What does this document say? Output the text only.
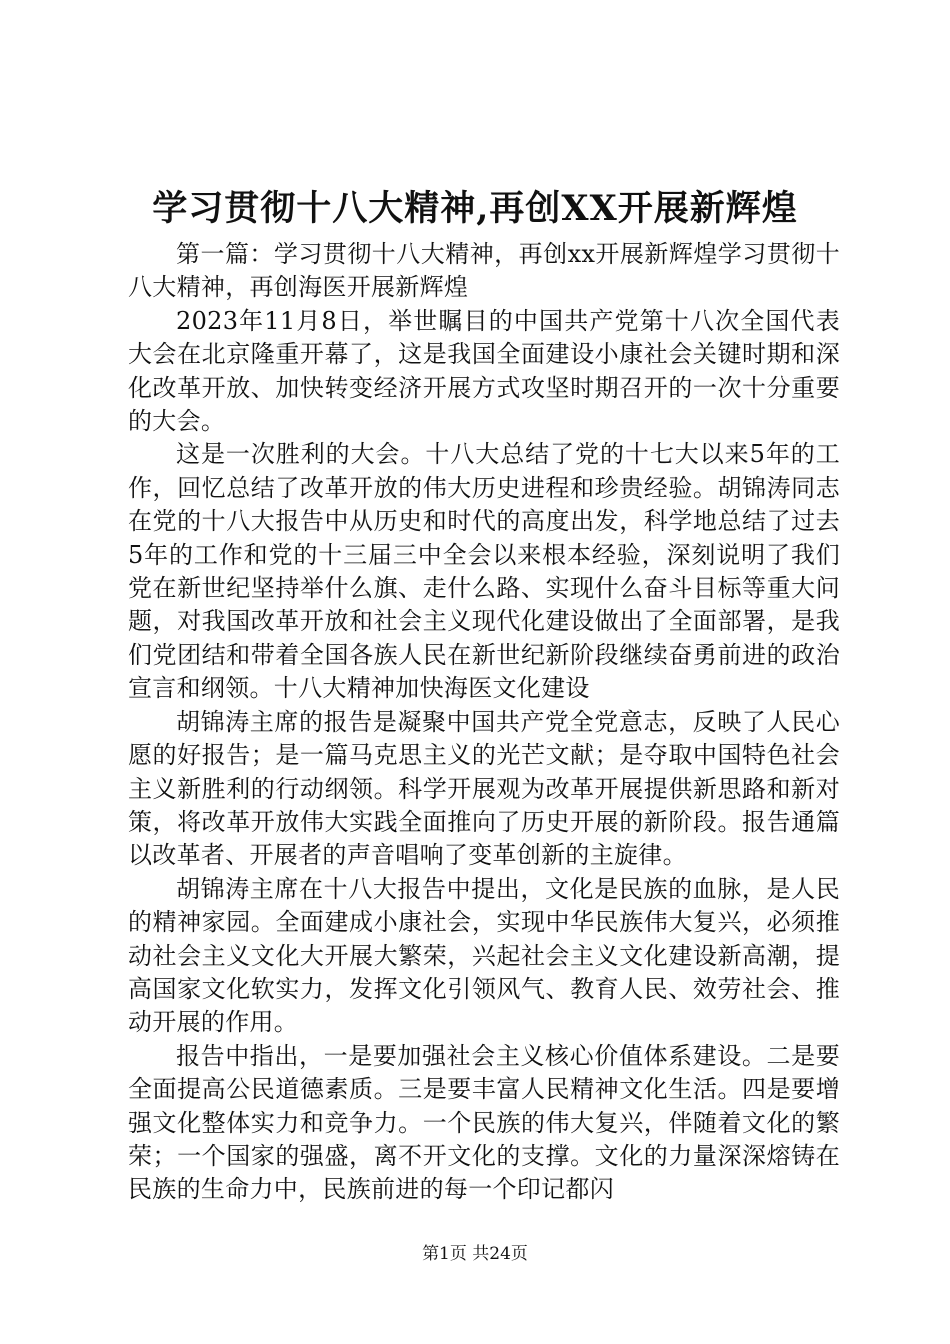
学习贯彻十八大精神,再创XX开展新辉煌

第一篇：学习贯彻十八大精神，再创xx开展新辉煌学习贯彻十八大精神，再创海医开展新辉煌

2023年11月8日，举世瞩目的中国共产党第十八次全国代表大会在北京隆重开幕了，这是我国全面建设小康社会关键时期和深化改革开放、加快转变经济开展方式攻坚时期召开的一次十分重要的大会。

这是一次胜利的大会。十八大总结了党的十七大以来5年的工作，回忆总结了改革开放的伟大历史进程和珍贵经验。胡锦涛同志在党的十八大报告中从历史和时代的高度出发，科学地总结了过去5年的工作和党的十三届三中全会以来根本经验，深刻说明了我们党在新世纪坚持举什么旗、走什么路、实现什么奋斗目标等重大问题，对我国改革开放和社会主义现代化建设做出了全面部署，是我们党团结和带着全国各族人民在新世纪新阶段继续奋勇前进的政治宣言和纲领。十八大精神加快海医文化建设

胡锦涛主席的报告是凝聚中国共产党全党意志，反映了人民心愿的好报告；是一篇马克思主义的光芒文献；是夺取中国特色社会主义新胜利的行动纲领。科学开展观为改革开展提供新思路和新对策，将改革开放伟大实践全面推向了历史开展的新阶段。报告通篇以改革者、开展者的声音唱响了变革创新的主旋律。

胡锦涛主席在十八大报告中提出，文化是民族的血脉，是人民的精神家园。全面建成小康社会，实现中华民族伟大复兴，必须推动社会主义文化大开展大繁荣，兴起社会主义文化建设新高潮，提高国家文化软实力，发挥文化引领风气、教育人民、效劳社会、推动开展的作用。

报告中指出，一是要加强社会主义核心价值体系建设。二是要全面提高公民道德素质。三是要丰富人民精神文化生活。四是要增强文化整体实力和竞争力。一个民族的伟大复兴，伴随着文化的繁荣；一个国家的强盛，离不开文化的支撑。文化的力量深深熔铸在民族的生命力中，民族前进的每一个印记都闪

第1页 共24页
